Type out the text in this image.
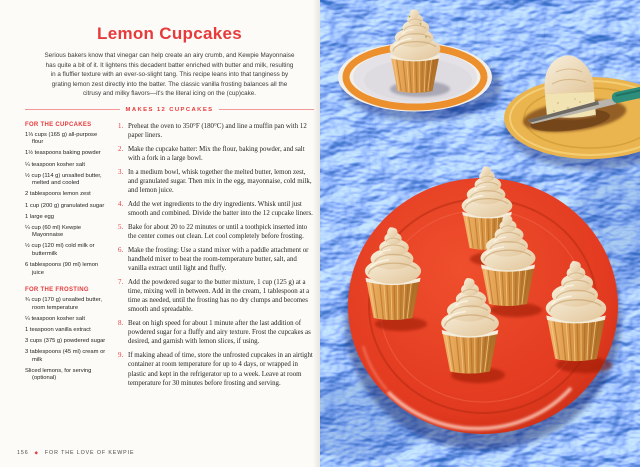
Lemon Cupcakes

Serious bakers know that vinegar can help create an airy crumb, and Kewpie Mayonnaise has quite a bit of it. It lightens this decadent batter enriched with butter and milk, resulting in a fluffier texture with an ever-so-slight tang. This recipe leans into that tanginess by grating lemon zest directly into the batter. The classic vanilla frosting balances all the citrusy and milky flavors—it's the literal icing on the (cup)cake.

MAKES 12 CUPCAKES
FOR THE CUPCAKES
1⅓ cups (165 g) all-purpose flour
1½ teaspoons baking powder
¼ teaspoon kosher salt
½ cup (114 g) unsalted butter, melted and cooled
2 tablespoons lemon zest
1 cup (200 g) granulated sugar
1 large egg
¼ cup (60 ml) Kewpie Mayonnaise
½ cup (120 ml) cold milk or buttermilk
6 tablespoons (90 ml) lemon juice
FOR THE FROSTING
¾ cup (170 g) unsalted butter, room temperature
¼ teaspoon kosher salt
1 teaspoon vanilla extract
3 cups (375 g) powdered sugar
3 tablespoons (45 ml) cream or milk
Sliced lemons, for serving (optional)
1. Preheat the oven to 350°F (180°C) and line a muffin pan with 12 paper liners.
2. Make the cupcake batter: Mix the flour, baking powder, and salt with a fork in a large bowl.
3. In a medium bowl, whisk together the melted butter, lemon zest, and granulated sugar. Then mix in the egg, mayonnaise, cold milk, and lemon juice.
4. Add the wet ingredients to the dry ingredients. Whisk until just smooth and combined. Divide the batter into the 12 cupcake liners.
5. Bake for about 20 to 22 minutes or until a toothpick inserted into the center comes out clean. Let cool completely before frosting.
6. Make the frosting: Use a stand mixer with a paddle attachment or handheld mixer to beat the room-temperature butter, salt, and vanilla extract until light and fluffy.
7. Add the powdered sugar to the butter mixture, 1 cup (125 g) at a time, mixing well in between. Add in the cream, 1 tablespoon at a time as needed, until the frosting has no dry clumps and becomes smooth and spreadable.
8. Beat on high speed for about 1 minute after the last addition of powdered sugar for a fluffy and airy texture. Frost the cupcakes as desired, and garnish with lemon slices, if using.
9. If making ahead of time, store the unfrosted cupcakes in an airtight container at room temperature for up to 4 days, or wrapped in plastic and kept in the refrigerator up to a week. Leave at room temperature for 30 minutes before frosting and serving.
156 ◆ FOR THE LOVE OF KEWPIE
